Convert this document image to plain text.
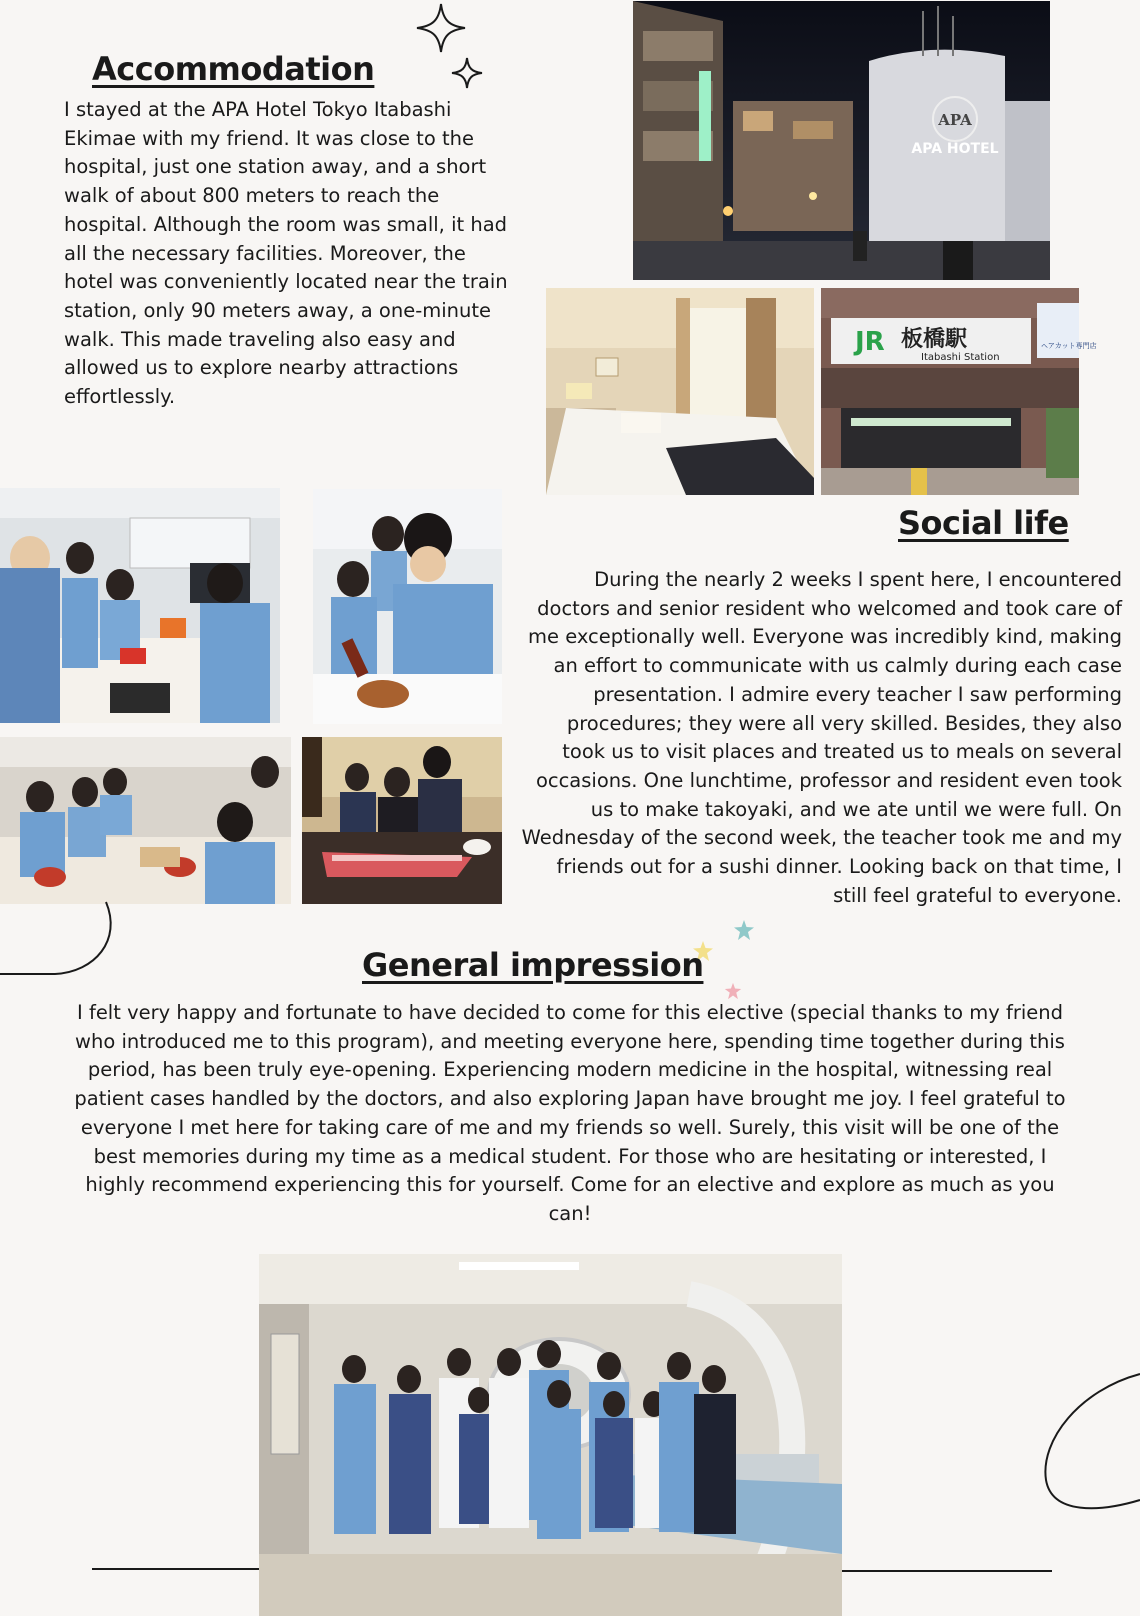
Accommodation

I stayed at the APA Hotel Tokyo Itabashi Ekimae with my friend. It was close to the hospital, just one station away, and a short walk of about 800 meters to reach the hospital. Although the room was small, it had all the necessary facilities. Moreover, the hotel was conveniently located near the train station, only 90 meters away, a one-minute walk. This made traveling also easy and allowed us to explore nearby attractions effortlessly.

APA
APA HOTEL
JR 板橋駅
Itabashi Station
ヘアカット専門店
Social life

During the nearly 2 weeks I spent here, I encountered doctors and senior resident who welcomed and took care of me exceptionally well. Everyone was incredibly kind, making an effort to communicate with us calmly during each case presentation. I admire every teacher I saw performing procedures; they were all very skilled. Besides, they also took us to visit places and treated us to meals on several occasions. One lunchtime, professor and resident even took us to make takoyaki, and we ate until we were full. On Wednesday of the second week, the teacher took me and my friends out for a sushi dinner. Looking back on that time, I still feel grateful to everyone.

General impression

I felt very happy and fortunate to have decided to come for this elective (special thanks to my friend who introduced me to this program), and meeting everyone here, spending time together during this period, has been truly eye-opening. Experiencing modern medicine in the hospital, witnessing real patient cases handled by the doctors, and also exploring Japan have brought me joy. I feel grateful to everyone I met here for taking care of me and my friends so well. Surely, this visit will be one of the best memories during my time as a medical student. For those who are hesitating or interested, I highly recommend experiencing this for yourself. Come for an elective and explore as much as you can!
